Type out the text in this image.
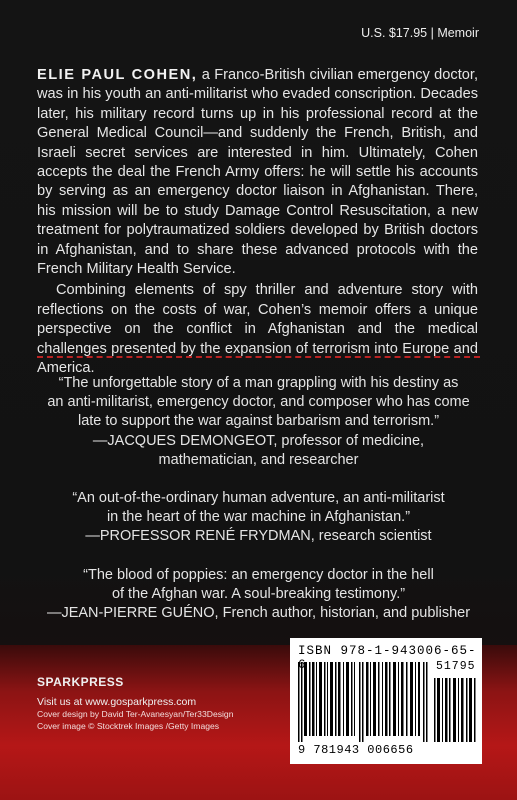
U.S. $17.95 | Memoir

ELIE PAUL COHEN, a Franco-British civilian emergency doctor, was in his youth an anti-militarist who evaded conscription. Decades later, his military record turns up in his professional record at the General Medical Council—and suddenly the French, British, and Israeli secret services are interested in him. Ultimately, Cohen accepts the deal the French Army offers: he will settle his accounts by serving as an emergency doctor liaison in Afghanistan. There, his mission will be to study Damage Control Resuscitation, a new treatment for polytraumatized soldiers developed by British doctors in Afghanistan, and to share these advanced protocols with the French Military Health Service.

Combining elements of spy thriller and adventure story with reflections on the costs of war, Cohen’s memoir offers a unique perspective on the conflict in Afghanistan and the medical challenges presented by the expansion of terrorism into Europe and America.

“The unforgettable story of a man grappling with his destiny as
an anti-militarist, emergency doctor, and composer who has come
late to support the war against barbarism and terrorism.”
—JACQUES DEMONGEOT, professor of medicine,
mathematician, and researcher
“An out-of-the-ordinary human adventure, an anti-militarist
in the heart of the war machine in Afghanistan.”
—PROFESSOR RENÉ FRYDMAN, research scientist
“The blood of poppies: an emergency doctor in the hell
of the Afghan war. A soul-breaking testimony.”
—JEAN-PIERRE GUÉNO, French author, historian, and publisher
SPARKPRESS
Visit us at www.gosparkpress.com
Cover design by David Ter-Avanesyan/Ter33Design
Cover image © Stocktrek Images /Getty Images
ISBN 978-1-943006-65-
51795
9 781943 006656
